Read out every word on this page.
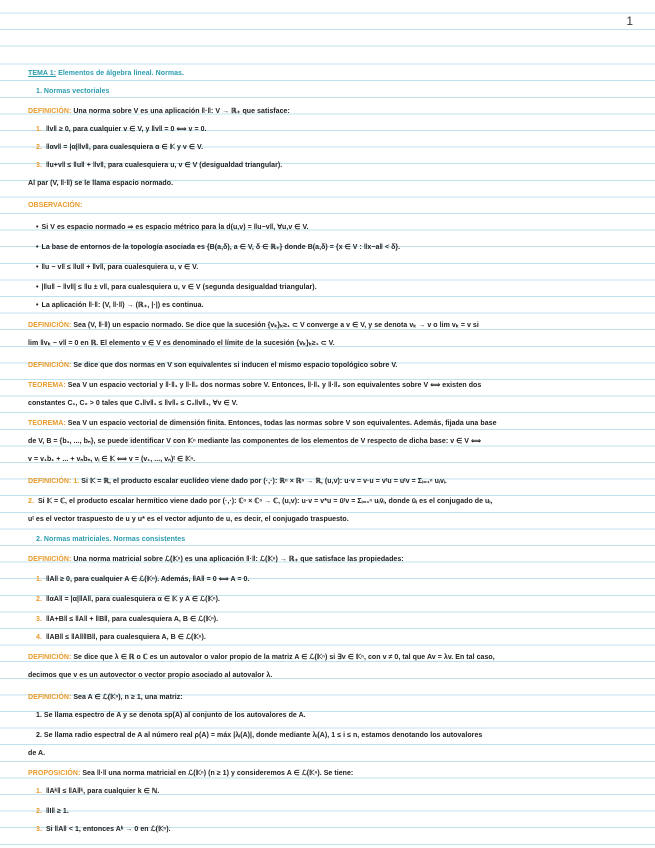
1
TEMA 1: Elementos de álgebra lineal. Normas.
1. Normas vectoriales
DEFINICIÓN: Una norma sobre V es una aplicación ‖·‖: V → ℝ₊ que satisface:
1. ‖v‖ ≥ 0, para cualquier v ∈ V, y ‖v‖ = 0 ⟺ v = 0.
2. ‖αv‖ = |α|‖v‖, para cualesquiera α ∈ 𝕂 y v ∈ V.
3. ‖u+v‖ ≤ ‖u‖ + ‖v‖, para cualesquiera u, v ∈ V (desigualdad triangular).
Al par (V, ‖·‖) se le llama espacio normado.
OBSERVACIÓN:
• Si V es espacio normado ⇒ es espacio métrico para la d(u,v) = ‖u−v‖, ∀u,v ∈ V.
• La base de entornos de la topología asociada es {B(a,δ), a ∈ V, δ ∈ ℝ₊} donde B(a,δ) = {x ∈ V : ‖x−a‖ < δ}.
• ‖u − v‖ ≤ ‖u‖ + ‖v‖, para cualesquiera u, v ∈ V.
• |‖u‖ − ‖v‖| ≤ ‖u ± v‖, para cualesquiera u, v ∈ V (segunda desigualdad triangular).
• La aplicación ‖·‖: (V, ‖·‖) → (ℝ₊, |·|) es continua.
DEFINICIÓN: Sea (V, ‖·‖) un espacio normado. Se dice que la sucesión {vₖ}ₖ≥₁ ⊂ V converge a v ∈ V, y se denota vₖ → v o lim vₖ = v si
lim ‖vₖ − v‖ = 0 en ℝ. El elemento v ∈ V es denominado el límite de la sucesión {vₖ}ₖ≥₁ ⊂ V.
DEFINICIÓN: Se dice que dos normas en V son equivalentes si inducen el mismo espacio topológico sobre V.
TEOREMA: Sea V un espacio vectorial y ‖·‖₁ y ‖·‖₂ dos normas sobre V. Entonces, ‖·‖₁ y ‖·‖₂ son equivalentes sobre V ⟺ existen dos
constantes C₁, C₂ > 0 tales que C₁‖v‖₁ ≤ ‖v‖₂ ≤ C₂‖v‖₁, ∀v ∈ V.
TEOREMA: Sea V un espacio vectorial de dimensión finita. Entonces, todas las normas sobre V son equivalentes. Además, fijada una base
de V, B = {b₁, ..., bₙ}, se puede identificar V con 𝕂ⁿ mediante las componentes de los elementos de V respecto de dicha base: v ∈ V ⟺
v = v₁b₁ + ... + vₙbₙ, vᵢ ∈ 𝕂 ⟺ v = (v₁, ..., vₙ)ᵗ ∈ 𝕂ⁿ.
DEFINICIÓN: 1. Si 𝕂 = ℝ, el producto escalar euclídeo viene dado por (·,·): ℝⁿ × ℝⁿ → ℝ, (u,v): u·v = v·u = vᵗu = uᵗv = Σᵢ₌₁ⁿ uᵢvᵢ.
2. Si 𝕂 = ℂ, el producto escalar hermítico viene dado por (·,·): ℂⁿ × ℂⁿ → ℂ, (u,v): u·v = v*u = ūᵗv = Σᵢ₌₁ⁿ uᵢv̄ᵢ, donde ūᵢ es el conjugado de uᵢ,
uᵗ es el vector traspuesto de u y u* es el vector adjunto de u, es decir, el conjugado traspuesto.
2. Normas matriciales. Normas consistentes
DEFINICIÓN: Una norma matricial sobre ℒ(𝕂ⁿ) es una aplicación ‖·‖: ℒ(𝕂ⁿ) → ℝ₊ que satisface las propiedades:
1. ‖A‖ ≥ 0, para cualquier A ∈ ℒ(𝕂ⁿ). Además, ‖A‖ = 0 ⟺ A = 0.
2. ‖αA‖ = |α|‖A‖, para cualesquiera α ∈ 𝕂 y A ∈ ℒ(𝕂ⁿ).
3. ‖A+B‖ ≤ ‖A‖ + ‖B‖, para cualesquiera A, B ∈ ℒ(𝕂ⁿ).
4. ‖AB‖ ≤ ‖A‖‖B‖, para cualesquiera A, B ∈ ℒ(𝕂ⁿ).
DEFINICIÓN: Se dice que λ ∈ ℝ o ℂ es un autovalor o valor propio de la matriz A ∈ ℒ(𝕂ⁿ) si ∃v ∈ 𝕂ⁿ, con v ≠ 0, tal que Av = λv. En tal caso,
decimos que v es un autovector o vector propio asociado al autovalor λ.
DEFINICIÓN: Sea A ∈ ℒ(𝕂ⁿ), n ≥ 1, una matriz:
1. Se llama espectro de A y se denota sp(A) al conjunto de los autovalores de A.
2. Se llama radio espectral de A al número real ρ(A) = máx |λᵢ(A)|, donde mediante λᵢ(A), 1 ≤ i ≤ n, estamos denotando los autovalores
de A.
PROPOSICIÓN: Sea ‖·‖ una norma matricial en ℒ(𝕂ⁿ) (n ≥ 1) y consideremos A ∈ ℒ(𝕂ⁿ). Se tiene:
1. ‖Aᵏ‖ ≤ ‖A‖ᵏ, para cualquier k ∈ ℕ.
2. ‖I‖ ≥ 1.
3. Si ‖A‖ < 1, entonces Aᵏ → 0 en ℒ(𝕂ⁿ).
